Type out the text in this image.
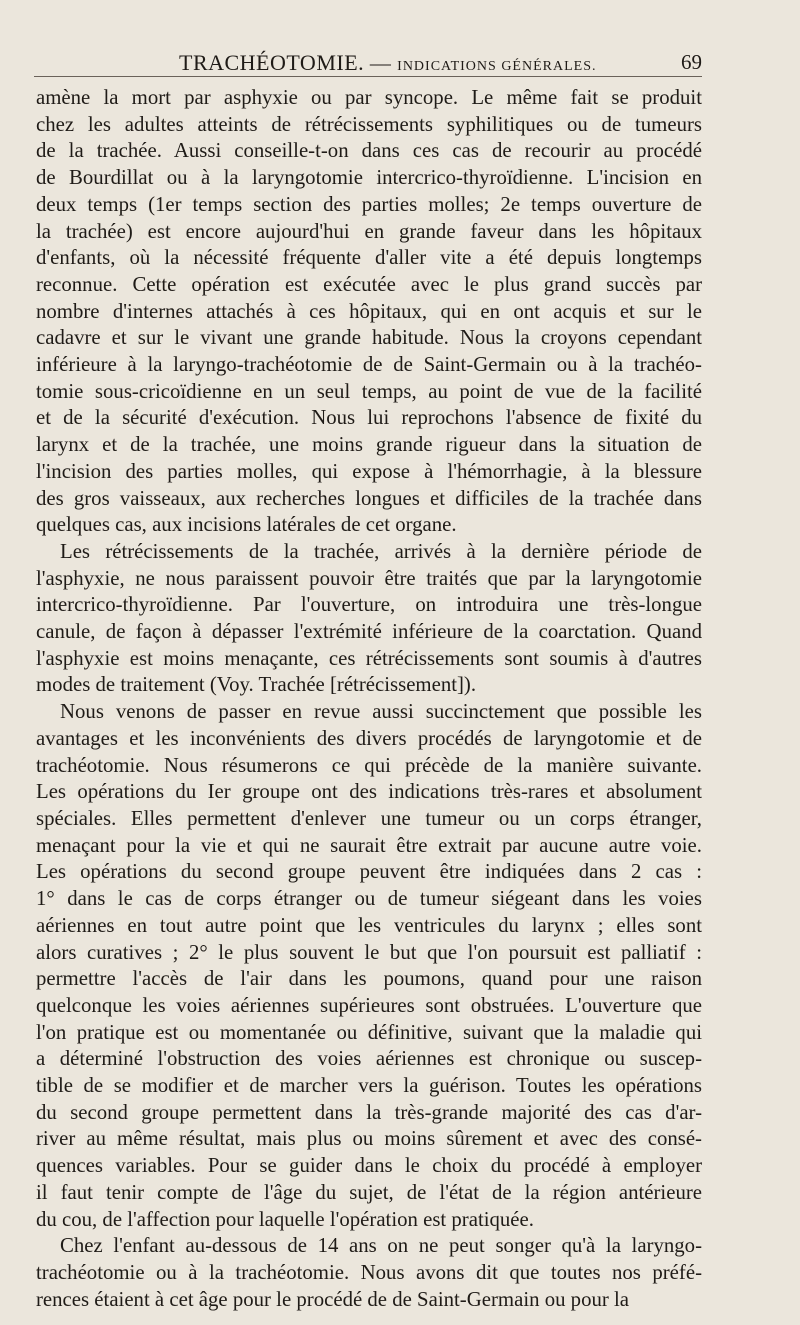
TRACHÉOTOMIE. — INDICATIONS GÉNÉRALES.	69
amène la mort par asphyxie ou par syncope. Le même fait se produit
chez les adultes atteints de rétrécissements syphilitiques ou de tumeurs
de la trachée. Aussi conseille-t-on dans ces cas de recourir au procédé
de Bourdillat ou à la laryngotomie intercrico-thyroïdienne. L'incision en
deux temps (1er temps section des parties molles; 2e temps ouverture de
la trachée) est encore aujourd'hui en grande faveur dans les hôpitaux
d'enfants, où la nécessité fréquente d'aller vite a été depuis longtemps
reconnue. Cette opération est exécutée avec le plus grand succès par
nombre d'internes attachés à ces hôpitaux, qui en ont acquis et sur le
cadavre et sur le vivant une grande habitude. Nous la croyons cependant
inférieure à la laryngo-trachéotomie de de Saint-Germain ou à la trachéo-
tomie sous-cricoïdienne en un seul temps, au point de vue de la facilité
et de la sécurité d'exécution. Nous lui reprochons l'absence de fixité du
larynx et de la trachée, une moins grande rigueur dans la situation de
l'incision des parties molles, qui expose à l'hémorrhagie, à la blessure
des gros vaisseaux, aux recherches longues et difficiles de la trachée dans
quelques cas, aux incisions latérales de cet organe.
Les rétrécissements de la trachée, arrivés à la dernière période de
l'asphyxie, ne nous paraissent pouvoir être traités que par la laryngotomie
intercrico-thyroïdienne. Par l'ouverture, on introduira une très-longue
canule, de façon à dépasser l'extrémité inférieure de la coarctation. Quand
l'asphyxie est moins menaçante, ces rétrécissements sont soumis à d'autres
modes de traitement (Voy. Trachée [rétrécissement]).
Nous venons de passer en revue aussi succinctement que possible les
avantages et les inconvénients des divers procédés de laryngotomie et de
trachéotomie. Nous résumerons ce qui précède de la manière suivante.
Les opérations du Ier groupe ont des indications très-rares et absolument
spéciales. Elles permettent d'enlever une tumeur ou un corps étranger,
menaçant pour la vie et qui ne saurait être extrait par aucune autre voie.
Les opérations du second groupe peuvent être indiquées dans 2 cas :
1° dans le cas de corps étranger ou de tumeur siégeant dans les voies
aériennes en tout autre point que les ventricules du larynx ; elles sont
alors curatives ; 2° le plus souvent le but que l'on poursuit est palliatif :
permettre l'accès de l'air dans les poumons, quand pour une raison
quelconque les voies aériennes supérieures sont obstruées. L'ouverture que
l'on pratique est ou momentanée ou définitive, suivant que la maladie qui
a déterminé l'obstruction des voies aériennes est chronique ou suscep-
tible de se modifier et de marcher vers la guérison. Toutes les opérations
du second groupe permettent dans la très-grande majorité des cas d'ar-
river au même résultat, mais plus ou moins sûrement et avec des consé-
quences variables. Pour se guider dans le choix du procédé à employer
il faut tenir compte de l'âge du sujet, de l'état de la région antérieure
du cou, de l'affection pour laquelle l'opération est pratiquée.
Chez l'enfant au-dessous de 14 ans on ne peut songer qu'à la laryngo-
trachéotomie ou à la trachéotomie. Nous avons dit que toutes nos préfé-
rences étaient à cet âge pour le procédé de de Saint-Germain ou pour la
